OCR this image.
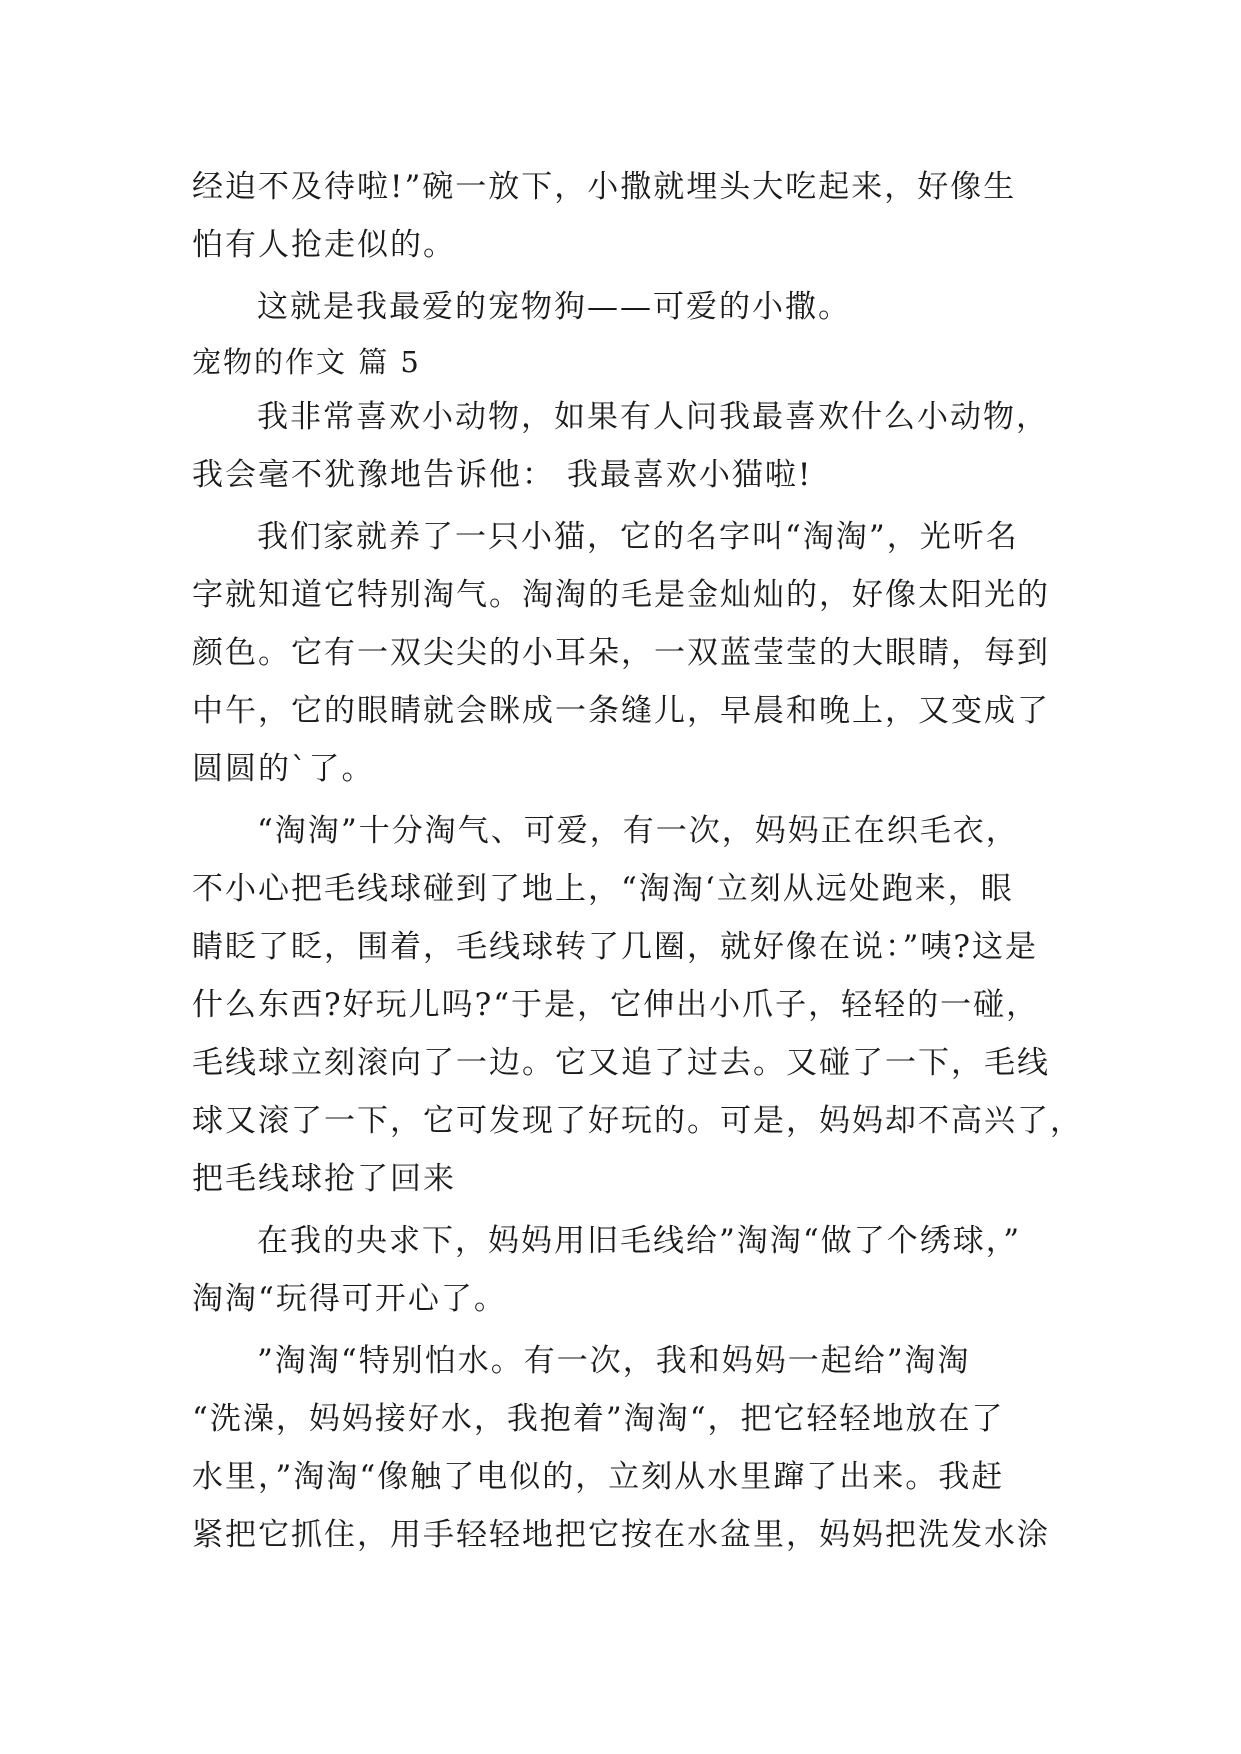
经迫不及待啦!”碗一放下，小撒就埋头大吃起来，好像生
怕有人抢走似的。
这就是我最爱的宠物狗——可爱的小撒。
宠物的作文 篇 5
我非常喜欢小动物，如果有人问我最喜欢什么小动物，
我会毫不犹豫地告诉他： 我最喜欢小猫啦!
我们家就养了一只小猫，它的名字叫“淘淘”，光听名
字就知道它特别淘气。淘淘的毛是金灿灿的，好像太阳光的
颜色。它有一双尖尖的小耳朵，一双蓝莹莹的大眼睛，每到
中午，它的眼睛就会眯成一条缝儿，早晨和晚上，又变成了
圆圆的`了。
“淘淘”十分淘气、可爱，有一次，妈妈正在织毛衣，
不小心把毛线球碰到了地上，“淘淘‘立刻从远处跑来，眼
睛眨了眨，围着，毛线球转了几圈，就好像在说：”咦?这是
什么东西?好玩儿吗?“于是，它伸出小爪子，轻轻的一碰，
毛线球立刻滚向了一边。它又追了过去。又碰了一下，毛线
球又滚了一下，它可发现了好玩的。可是，妈妈却不高兴了，
把毛线球抢了回来
在我的央求下，妈妈用旧毛线给”淘淘“做了个绣球，”
淘淘“玩得可开心了。
”淘淘“特别怕水。有一次，我和妈妈一起给”淘淘
“洗澡，妈妈接好水，我抱着”淘淘“，把它轻轻地放在了
水里，”淘淘“像触了电似的，立刻从水里蹿了出来。我赶
紧把它抓住，用手轻轻地把它按在水盆里，妈妈把洗发水涂
